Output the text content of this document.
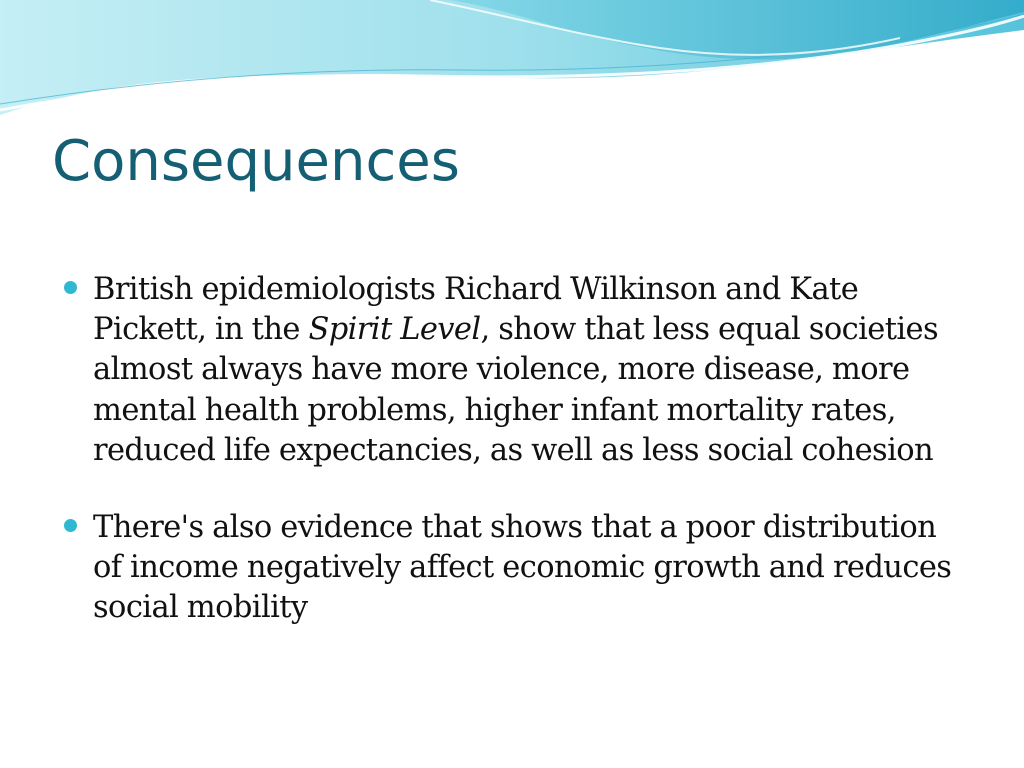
Consequences
British epidemiologists Richard Wilkinson and Kate Pickett, in the Spirit Level, show that less equal societies almost always have more violence, more disease, more mental health problems, higher infant mortality rates, reduced life expectancies, as well as less social cohesion
There's also evidence that shows that a poor distribution of income negatively affect economic growth and reduces social mobility
